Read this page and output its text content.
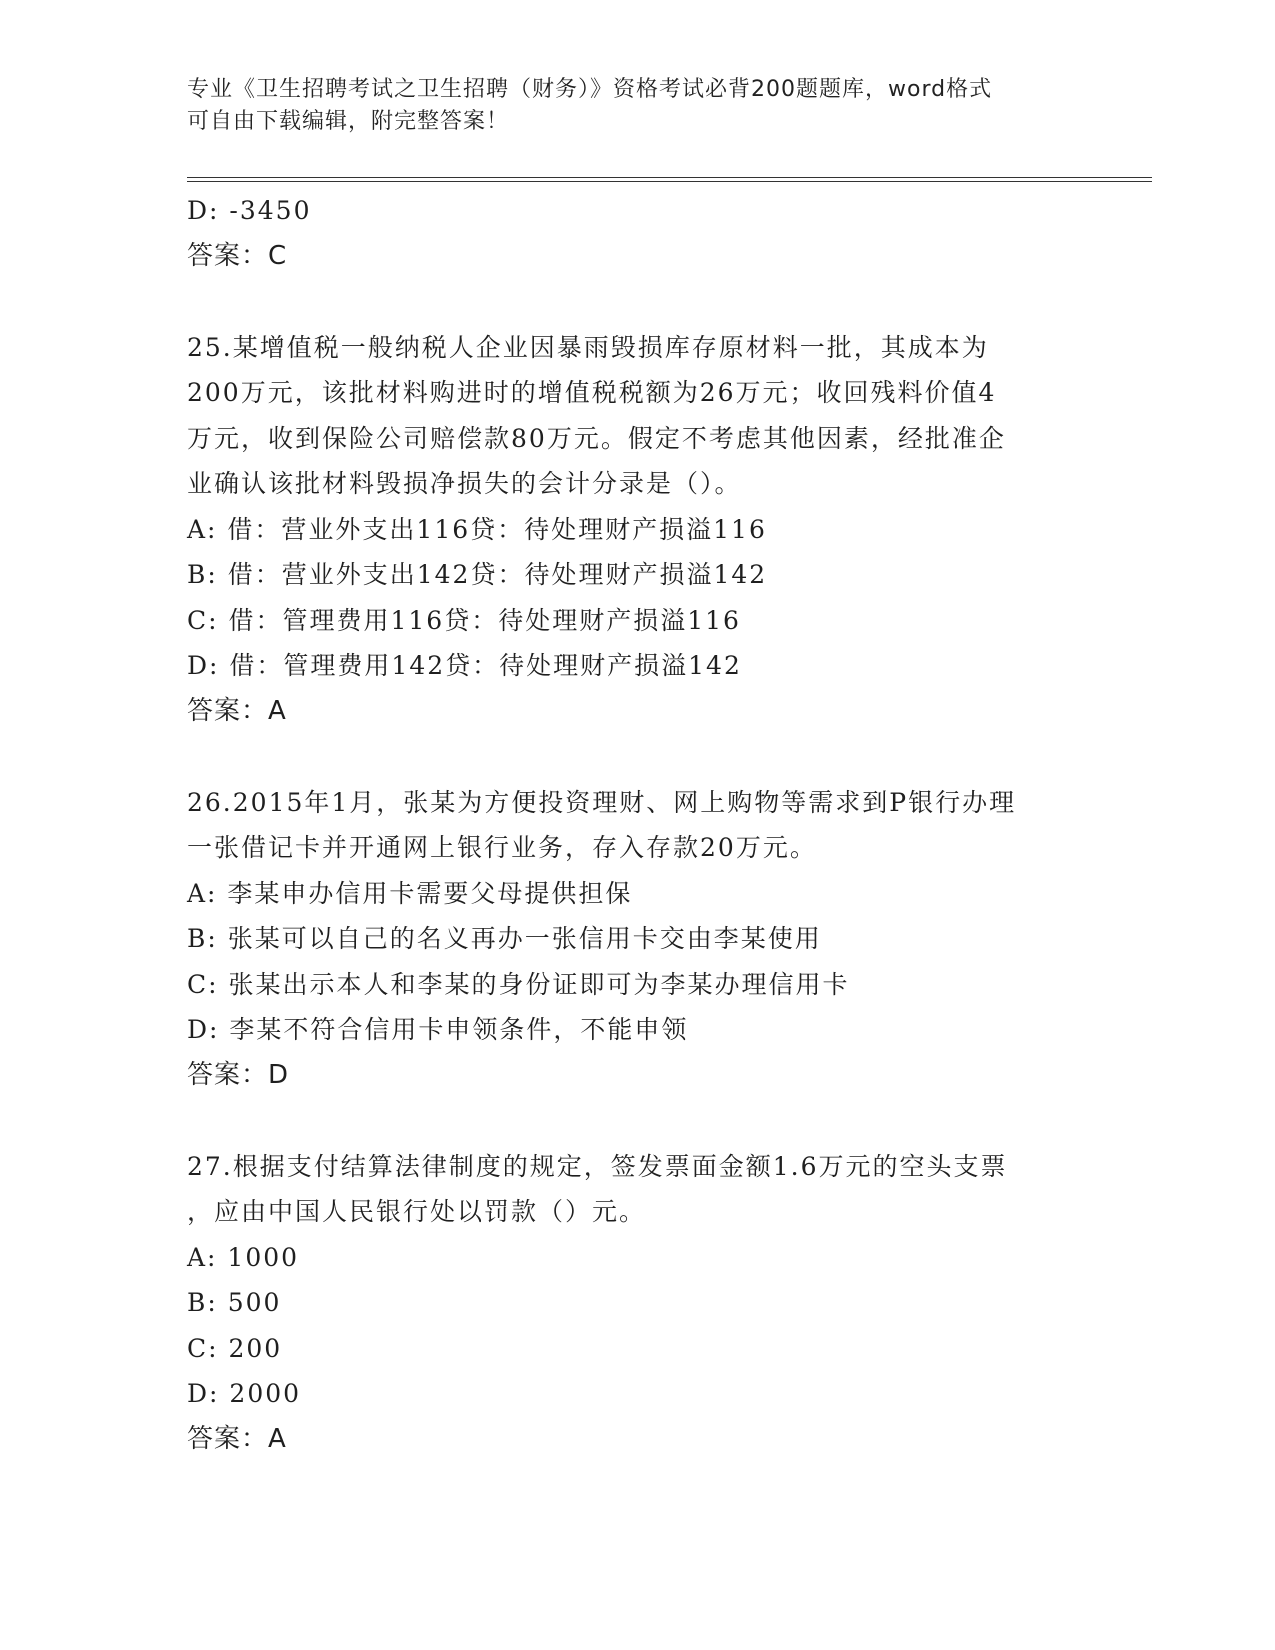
专业《卫生招聘考试之卫生招聘（财务）》资格考试必背200题题库，word格式
可自由下载编辑，附完整答案！
D: -3450
答案：C
25.某增值税一般纳税人企业因暴雨毁损库存原材料一批，其成本为
200万元，该批材料购进时的增值税税额为26万元；收回残料价值4
万元，收到保险公司赔偿款80万元。假定不考虑其他因素，经批准企
业确认该批材料毁损净损失的会计分录是（）。
A: 借：营业外支出116贷：待处理财产损溢116
B: 借：营业外支出142贷：待处理财产损溢142
C: 借：管理费用116贷：待处理财产损溢116
D: 借：管理费用142贷：待处理财产损溢142
答案：A
26.2015年1月，张某为方便投资理财、网上购物等需求到P银行办理
一张借记卡并开通网上银行业务，存入存款20万元。
A: 李某申办信用卡需要父母提供担保
B: 张某可以自己的名义再办一张信用卡交由李某使用
C: 张某出示本人和李某的身份证即可为李某办理信用卡
D: 李某不符合信用卡申领条件，不能申领
答案：D
27.根据支付结算法律制度的规定，签发票面金额1.6万元的空头支票
，应由中国人民银行处以罚款（）元。
A: 1000
B: 500
C: 200
D: 2000
答案：A
